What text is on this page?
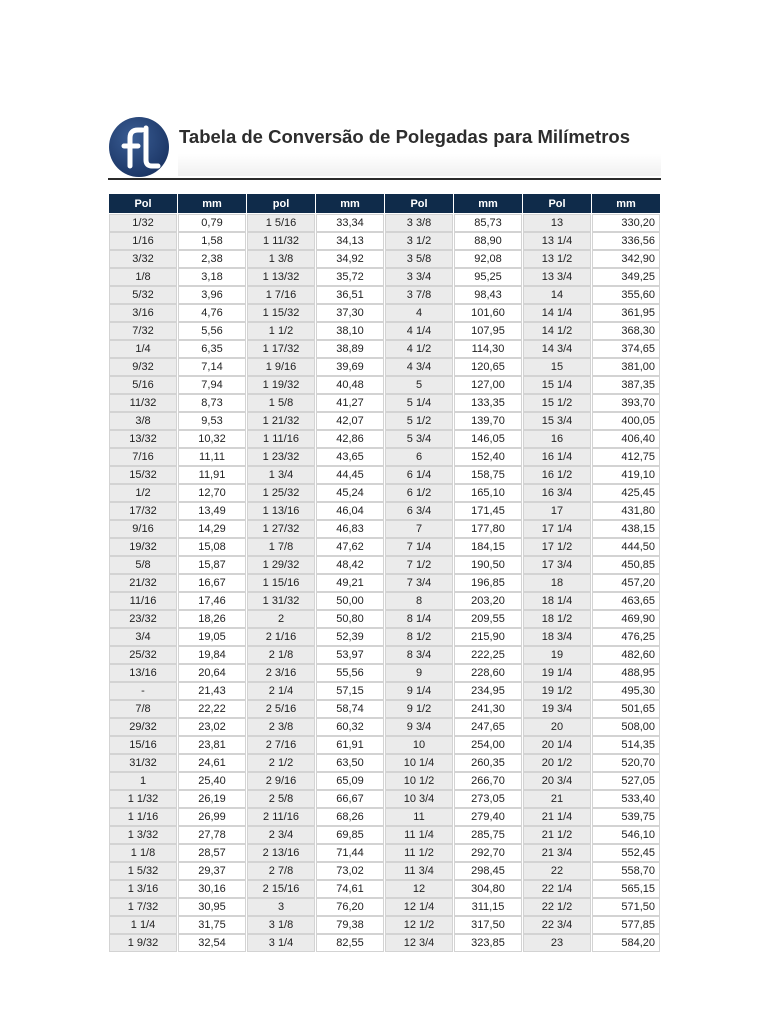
Tabela de Conversão de Polegadas para Milímetros
Pol	mm	pol	mm	Pol	mm	Pol	mm
1/32	0,79	1 5/16	33,34	3 3/8	85,73	13	330,20
1/16	1,58	1 11/32	34,13	3 1/2	88,90	13 1/4	336,56
3/32	2,38	1 3/8	34,92	3 5/8	92,08	13 1/2	342,90
1/8	3,18	1 13/32	35,72	3 3/4	95,25	13 3/4	349,25
5/32	3,96	1 7/16	36,51	3 7/8	98,43	14	355,60
3/16	4,76	1 15/32	37,30	4	101,60	14 1/4	361,95
7/32	5,56	1 1/2	38,10	4 1/4	107,95	14 1/2	368,30
1/4	6,35	1 17/32	38,89	4 1/2	114,30	14 3/4	374,65
9/32	7,14	1 9/16	39,69	4 3/4	120,65	15	381,00
5/16	7,94	1 19/32	40,48	5	127,00	15 1/4	387,35
11/32	8,73	1 5/8	41,27	5 1/4	133,35	15 1/2	393,70
3/8	9,53	1 21/32	42,07	5 1/2	139,70	15 3/4	400,05
13/32	10,32	1 11/16	42,86	5 3/4	146,05	16	406,40
7/16	11,11	1 23/32	43,65	6	152,40	16 1/4	412,75
15/32	11,91	1 3/4	44,45	6 1/4	158,75	16 1/2	419,10
1/2	12,70	1 25/32	45,24	6 1/2	165,10	16 3/4	425,45
17/32	13,49	1 13/16	46,04	6 3/4	171,45	17	431,80
9/16	14,29	1 27/32	46,83	7	177,80	17 1/4	438,15
19/32	15,08	1 7/8	47,62	7 1/4	184,15	17 1/2	444,50
5/8	15,87	1 29/32	48,42	7 1/2	190,50	17 3/4	450,85
21/32	16,67	1 15/16	49,21	7 3/4	196,85	18	457,20
11/16	17,46	1 31/32	50,00	8	203,20	18 1/4	463,65
23/32	18,26	2	50,80	8 1/4	209,55	18 1/2	469,90
3/4	19,05	2 1/16	52,39	8 1/2	215,90	18 3/4	476,25
25/32	19,84	2 1/8	53,97	8 3/4	222,25	19	482,60
13/16	20,64	2 3/16	55,56	9	228,60	19 1/4	488,95
-	21,43	2 1/4	57,15	9 1/4	234,95	19 1/2	495,30
7/8	22,22	2 5/16	58,74	9 1/2	241,30	19 3/4	501,65
29/32	23,02	2 3/8	60,32	9 3/4	247,65	20	508,00
15/16	23,81	2 7/16	61,91	10	254,00	20 1/4	514,35
31/32	24,61	2 1/2	63,50	10 1/4	260,35	20 1/2	520,70
1	25,40	2 9/16	65,09	10 1/2	266,70	20 3/4	527,05
1 1/32	26,19	2 5/8	66,67	10 3/4	273,05	21	533,40
1 1/16	26,99	2 11/16	68,26	11	279,40	21 1/4	539,75
1 3/32	27,78	2 3/4	69,85	11 1/4	285,75	21 1/2	546,10
1 1/8	28,57	2 13/16	71,44	11 1/2	292,70	21 3/4	552,45
1 5/32	29,37	2 7/8	73,02	11 3/4	298,45	22	558,70
1 3/16	30,16	2 15/16	74,61	12	304,80	22 1/4	565,15
1 7/32	30,95	3	76,20	12 1/4	311,15	22 1/2	571,50
1 1/4	31,75	3 1/8	79,38	12 1/2	317,50	22 3/4	577,85
1 9/32	32,54	3 1/4	82,55	12 3/4	323,85	23	584,20
